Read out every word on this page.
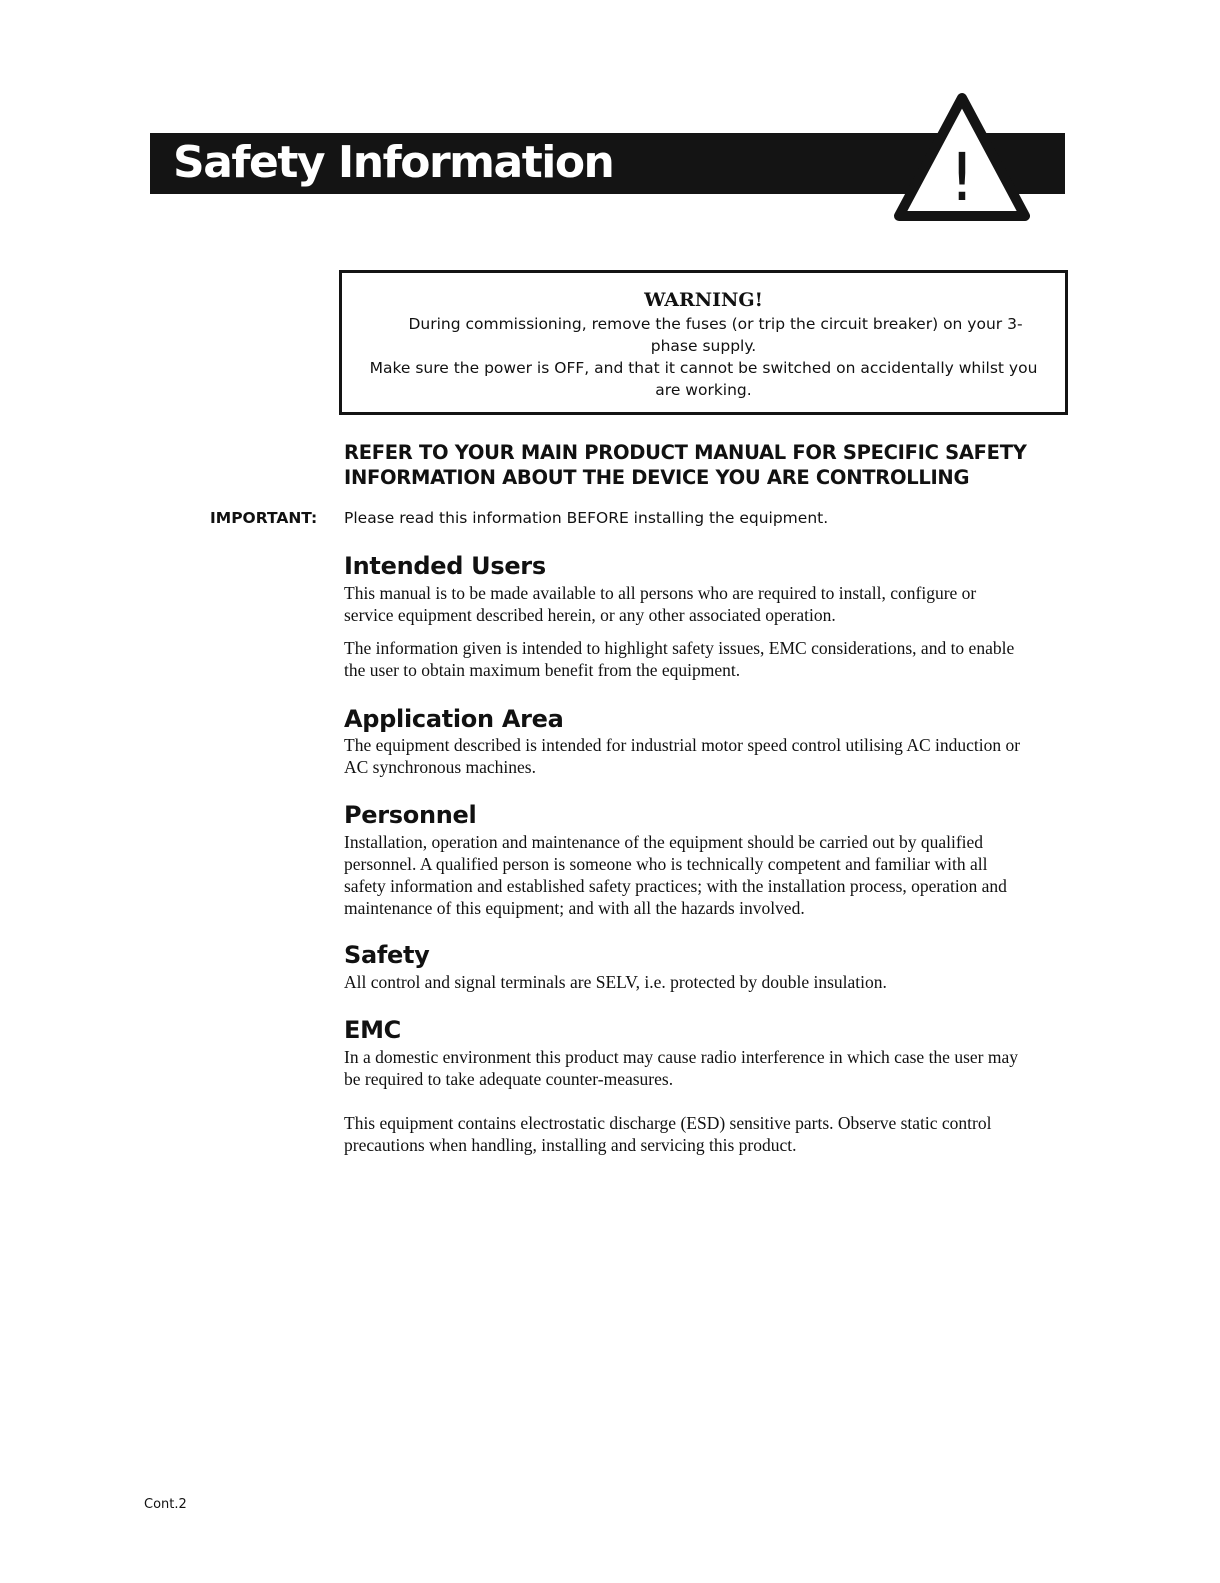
Safety Information	!
WARNING!
During commissioning, remove the fuses (or trip the circuit breaker) on your 3-
phase supply.
Make sure the power is OFF, and that it cannot be switched on accidentally whilst you
are working.
REFER TO YOUR MAIN PRODUCT MANUAL FOR SPECIFIC SAFETY
INFORMATION ABOUT THE DEVICE YOU ARE CONTROLLING
IMPORTANT: Please read this information BEFORE installing the equipment.
Intended Users
This manual is to be made available to all persons who are required to install, configure or
service equipment described herein, or any other associated operation.
The information given is intended to highlight safety issues, EMC considerations, and to enable
the user to obtain maximum benefit from the equipment.
Application Area
The equipment described is intended for industrial motor speed control utilising AC induction or
AC synchronous machines.
Personnel
Installation, operation and maintenance of the equipment should be carried out by qualified
personnel. A qualified person is someone who is technically competent and familiar with all
safety information and established safety practices; with the installation process, operation and
maintenance of this equipment; and with all the hazards involved.
Safety
All control and signal terminals are SELV, i.e. protected by double insulation.
EMC
In a domestic environment this product may cause radio interference in which case the user may
be required to take adequate counter-measures.
This equipment contains electrostatic discharge (ESD) sensitive parts. Observe static control
precautions when handling, installing and servicing this product.
Cont.2
